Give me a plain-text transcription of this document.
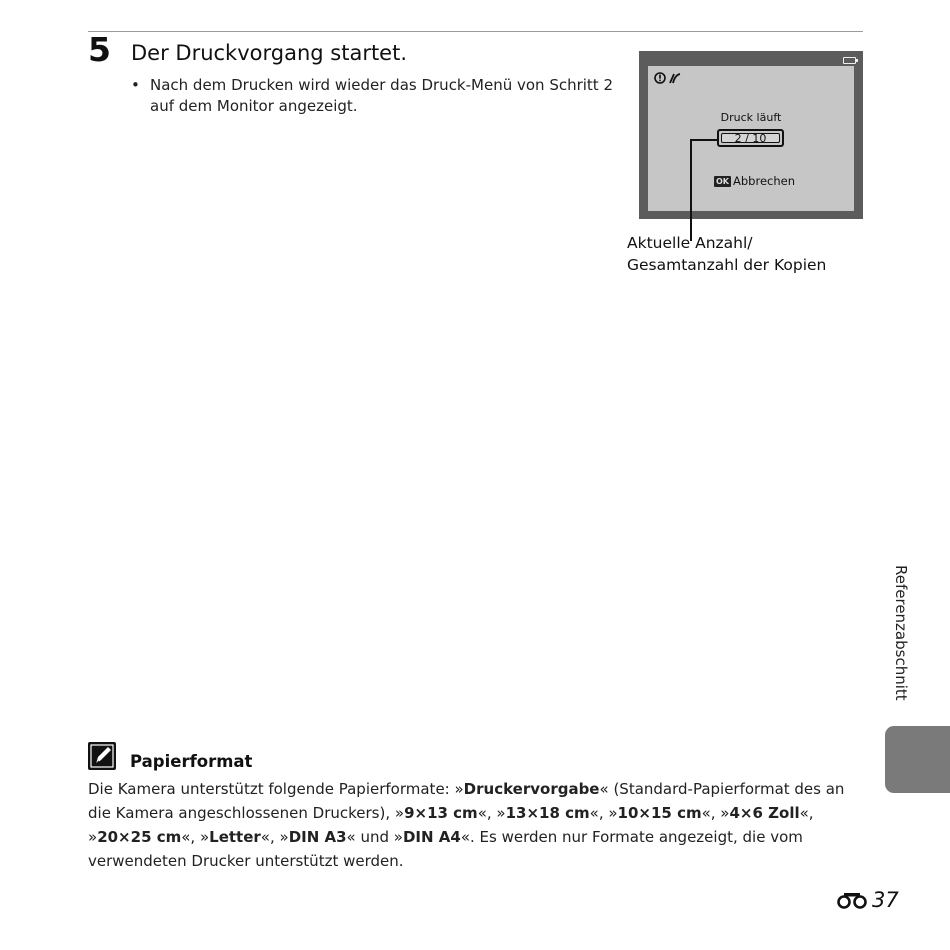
5 Der Druckvorgang startet.
• Nach dem Drucken wird wieder das Druck-Menü von Schritt 2 auf dem Monitor angezeigt.
Druck läuft
2 / 10
OK Abbrechen
Aktuelle Anzahl/
Gesamtanzahl der Kopien
Referenzabschnitt
Papierformat
Die Kamera unterstützt folgende Papierformate: »Druckervorgabe« (Standard-Papierformat des an die Kamera angeschlossenen Druckers), »9×13 cm«, »13×18 cm«, »10×15 cm«, »4×6 Zoll«, »20×25 cm«, »Letter«, »DIN A3« und »DIN A4«. Es werden nur Formate angezeigt, die vom verwendeten Drucker unterstützt werden.
37
